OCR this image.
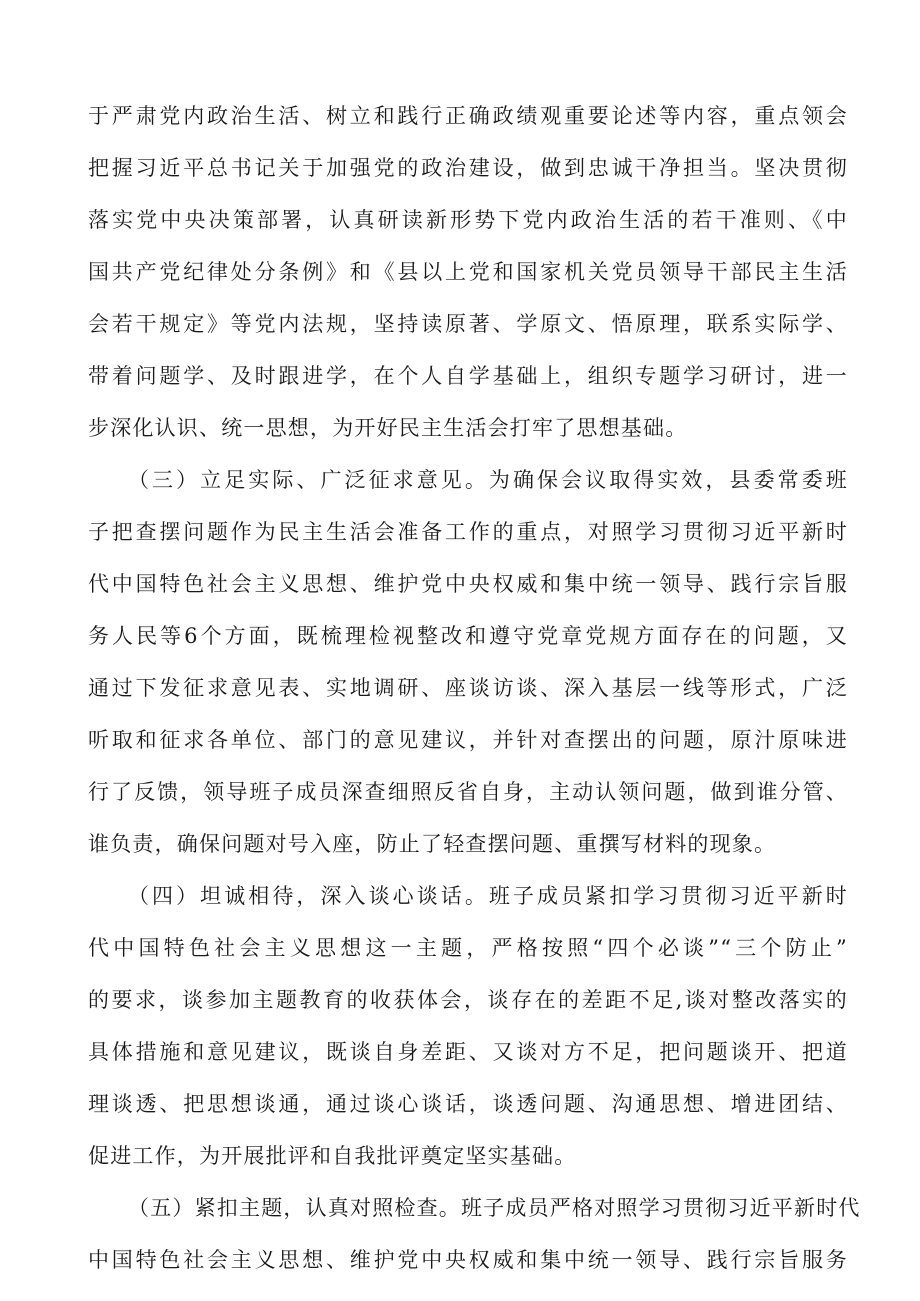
于严肃党内政治生活、树立和践行正确政绩观重要论述等内容，重点领会
把握习近平总书记关于加强党的政治建设，做到忠诚干净担当。坚决贯彻
落实党中央决策部署，认真研读新形势下党内政治生活的若干准则、《中
国共产党纪律处分条例》和《县以上党和国家机关党员领导干部民主生活
会若干规定》等党内法规，坚持读原著、学原文、悟原理，联系实际学、
带着问题学、及时跟进学，在个人自学基础上，组织专题学习研讨，进一
步深化认识、统一思想，为开好民主生活会打牢了思想基础。
（三）立足实际、广泛征求意见。为确保会议取得实效，县委常委班
子把查摆问题作为民主生活会准备工作的重点，对照学习贯彻习近平新时
代中国特色社会主义思想、维护党中央权威和集中统一领导、践行宗旨服
务人民等6个方面，既梳理检视整改和遵守党章党规方面存在的问题，又
通过下发征求意见表、实地调研、座谈访谈、深入基层一线等形式，广泛
听取和征求各单位、部门的意见建议，并针对查摆出的问题，原汁原味进
行了反馈，领导班子成员深查细照反省自身，主动认领问题，做到谁分管、
谁负责，确保问题对号入座，防止了轻查摆问题、重撰写材料的现象。
（四）坦诚相待，深入谈心谈话。班子成员紧扣学习贯彻习近平新时
代中国特色社会主义思想这一主题，严格按照“四个必谈”“三个防止”
的要求，谈参加主题教育的收获体会，谈存在的差距不足,谈对整改落实的
具体措施和意见建议，既谈自身差距、又谈对方不足，把问题谈开、把道
理谈透、把思想谈通，通过谈心谈话，谈透问题、沟通思想、增进团结、
促进工作，为开展批评和自我批评奠定坚实基础。
（五）紧扣主题，认真对照检查。班子成员严格对照学习贯彻习近平新时代
中国特色社会主义思想、维护党中央权威和集中统一领导、践行宗旨服务
